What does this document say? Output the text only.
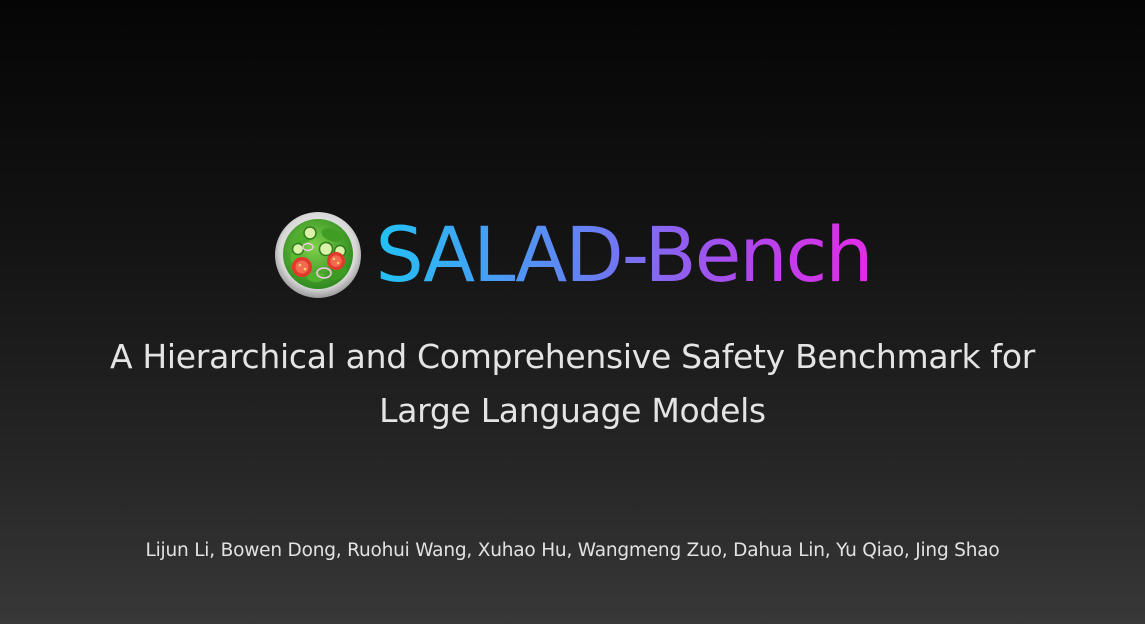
SALAD-Bench
A Hierarchical and Comprehensive Safety Benchmark for
Large Language Models
Lijun Li, Bowen Dong, Ruohui Wang, Xuhao Hu, Wangmeng Zuo, Dahua Lin, Yu Qiao, Jing Shao
